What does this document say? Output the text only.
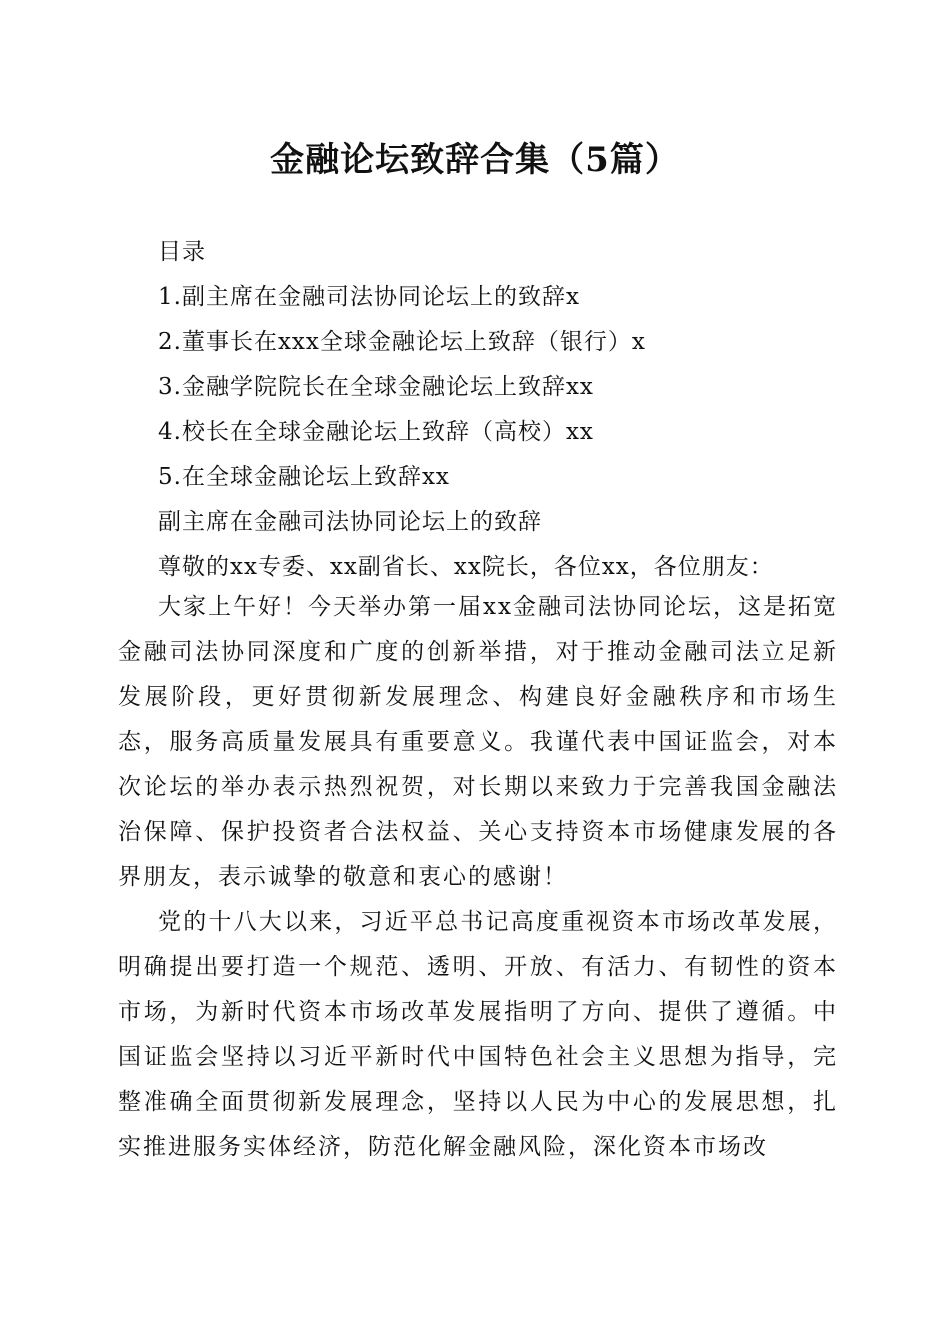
金融论坛致辞合集（5篇）
目录
1.副主席在金融司法协同论坛上的致辞x
2.董事长在xxx全球金融论坛上致辞（银行）x
3.金融学院院长在全球金融论坛上致辞xx
4.校长在全球金融论坛上致辞（高校）xx
5.在全球金融论坛上致辞xx
副主席在金融司法协同论坛上的致辞
尊敬的xx专委、xx副省长、xx院长，各位xx，各位朋友：

大家上午好！今天举办第一届xx金融司法协同论坛，这是拓宽金融司法协同深度和广度的创新举措，对于推动金融司法立足新发展阶段，更好贯彻新发展理念、构建良好金融秩序和市场生态，服务高质量发展具有重要意义。我谨代表中国证监会，对本次论坛的举办表示热烈祝贺，对长期以来致力于完善我国金融法治保障、保护投资者合法权益、关心支持资本市场健康发展的各界朋友，表示诚挚的敬意和衷心的感谢！

党的十八大以来，习近平总书记高度重视资本市场改革发展，明确提出要打造一个规范、透明、开放、有活力、有韧性的资本市场，为新时代资本市场改革发展指明了方向、提供了遵循。中国证监会坚持以习近平新时代中国特色社会主义思想为指导，完整准确全面贯彻新发展理念，坚持以人民为中心的发展思想，扎实推进服务实体经济，防范化解金融风险，深化资本市场改
